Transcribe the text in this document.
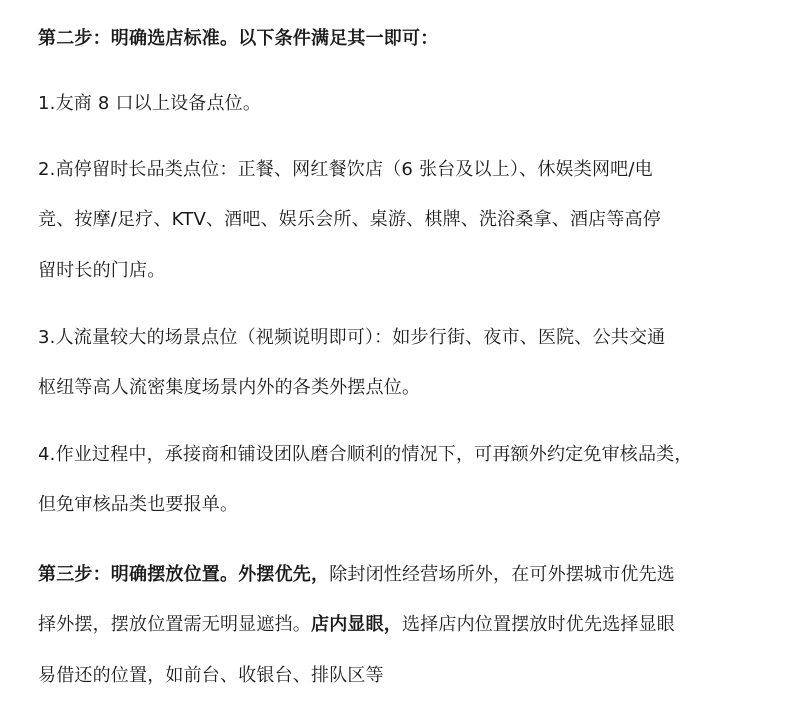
第二步：明确选店标准。以下条件满足其一即可：
1.友商 8 口以上设备点位。
2.高停留时长品类点位：正餐、网红餐饮店（6 张台及以上）、休娱类网吧/电
竞、按摩/足疗、KTV、酒吧、娱乐会所、桌游、棋牌、洗浴桑拿、酒店等高停
留时长的门店。
3.人流量较大的场景点位（视频说明即可）：如步行街、夜市、医院、公共交通
枢纽等高人流密集度场景内外的各类外摆点位。
4.作业过程中，承接商和铺设团队磨合顺利的情况下，可再额外约定免审核品类，
但免审核品类也要报单。
第三步：明确摆放位置。外摆优先，除封闭性经营场所外，在可外摆城市优先选
择外摆，摆放位置需无明显遮挡。店内显眼，选择店内位置摆放时优先选择显眼
易借还的位置，如前台、收银台、排队区等
